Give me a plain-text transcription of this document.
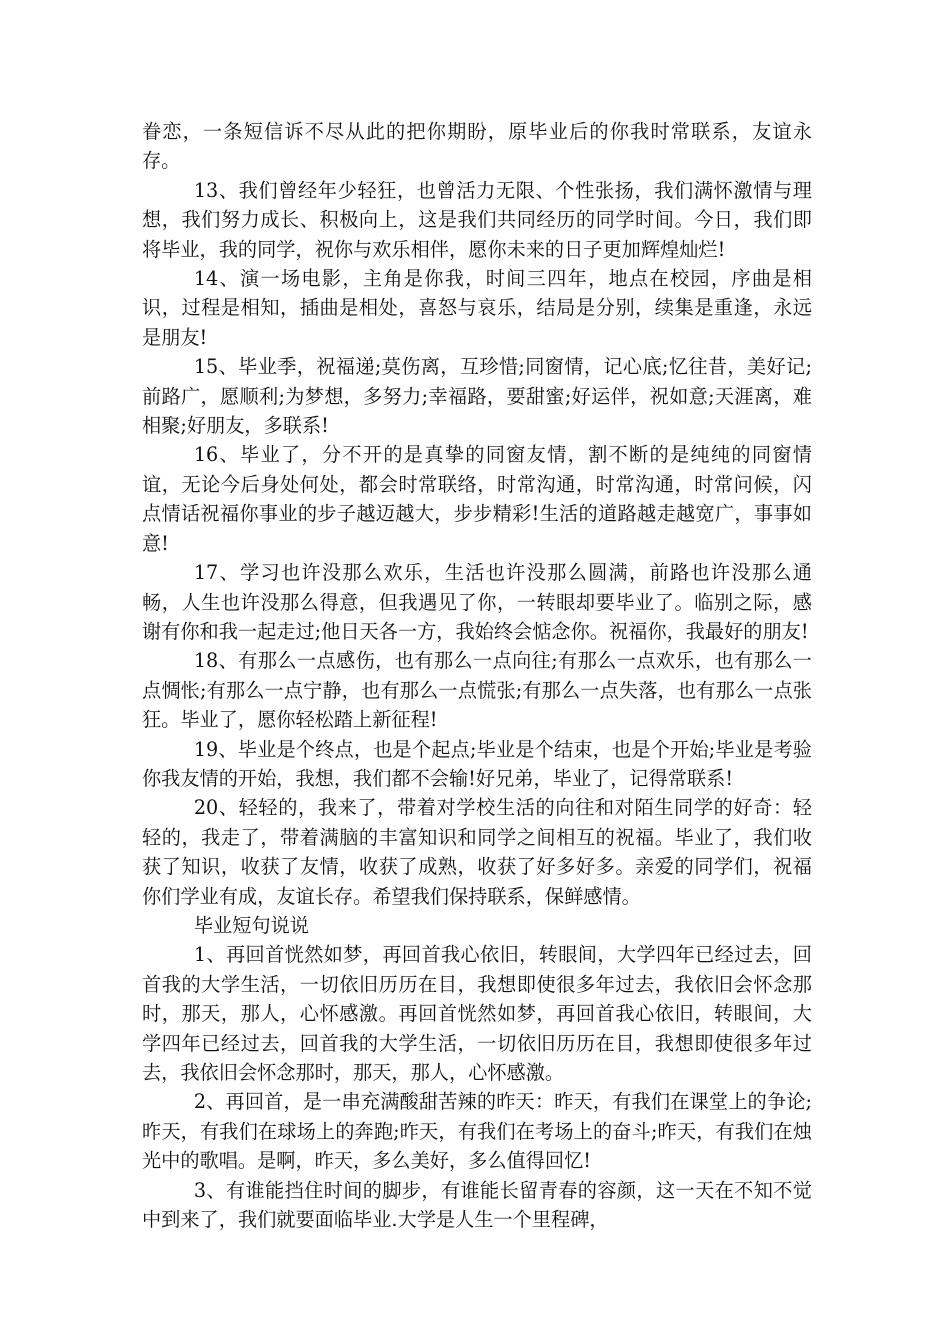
眷恋，一条短信诉不尽从此的把你期盼，原毕业后的你我时常联系，友谊永存。

13、我们曾经年少轻狂，也曾活力无限、个性张扬，我们满怀激情与理想，我们努力成长、积极向上，这是我们共同经历的同学时间。今日，我们即将毕业，我的同学，祝你与欢乐相伴，愿你未来的日子更加辉煌灿烂!

14、演一场电影，主角是你我，时间三四年，地点在校园，序曲是相识，过程是相知，插曲是相处，喜怒与哀乐，结局是分别，续集是重逢，永远是朋友!

15、毕业季，祝福递;莫伤离，互珍惜;同窗情，记心底;忆往昔，美好记;前路广，愿顺利;为梦想，多努力;幸福路，要甜蜜;好运伴，祝如意;天涯离，难相聚;好朋友，多联系!

16、毕业了，分不开的是真挚的同窗友情，割不断的是纯纯的同窗情谊，无论今后身处何处，都会时常联络，时常沟通，时常沟通，时常问候，闪点情话祝福你事业的步子越迈越大，步步精彩!生活的道路越走越宽广，事事如意!

17、学习也许没那么欢乐，生活也许没那么圆满，前路也许没那么通畅，人生也许没那么得意，但我遇见了你，一转眼却要毕业了。临别之际，感谢有你和我一起走过;他日天各一方，我始终会惦念你。祝福你，我最好的朋友!

18、有那么一点感伤，也有那么一点向往;有那么一点欢乐，也有那么一点惆怅;有那么一点宁静，也有那么一点慌张;有那么一点失落，也有那么一点张狂。毕业了，愿你轻松踏上新征程!

19、毕业是个终点，也是个起点;毕业是个结束，也是个开始;毕业是考验你我友情的开始，我想，我们都不会输!好兄弟，毕业了，记得常联系!

20、轻轻的，我来了，带着对学校生活的向往和对陌生同学的好奇：轻轻的，我走了，带着满脑的丰富知识和同学之间相互的祝福。毕业了，我们收获了知识，收获了友情，收获了成熟，收获了好多好多。亲爱的同学们，祝福你们学业有成，友谊长存。希望我们保持联系，保鲜感情。

毕业短句说说

1、再回首恍然如梦，再回首我心依旧，转眼间，大学四年已经过去，回首我的大学生活，一切依旧历历在目，我想即使很多年过去，我依旧会怀念那时，那天，那人，心怀感激。再回首恍然如梦，再回首我心依旧，转眼间，大学四年已经过去，回首我的大学生活，一切依旧历历在目，我想即使很多年过去，我依旧会怀念那时，那天，那人，心怀感激。

2、再回首，是一串充满酸甜苦辣的昨天：昨天，有我们在课堂上的争论;昨天，有我们在球场上的奔跑;昨天，有我们在考场上的奋斗;昨天，有我们在烛光中的歌唱。是啊，昨天，多么美好，多么值得回忆!

3、有谁能挡住时间的脚步，有谁能长留青春的容颜，这一天在不知不觉中到来了，我们就要面临毕业.大学是人生一个里程碑，
